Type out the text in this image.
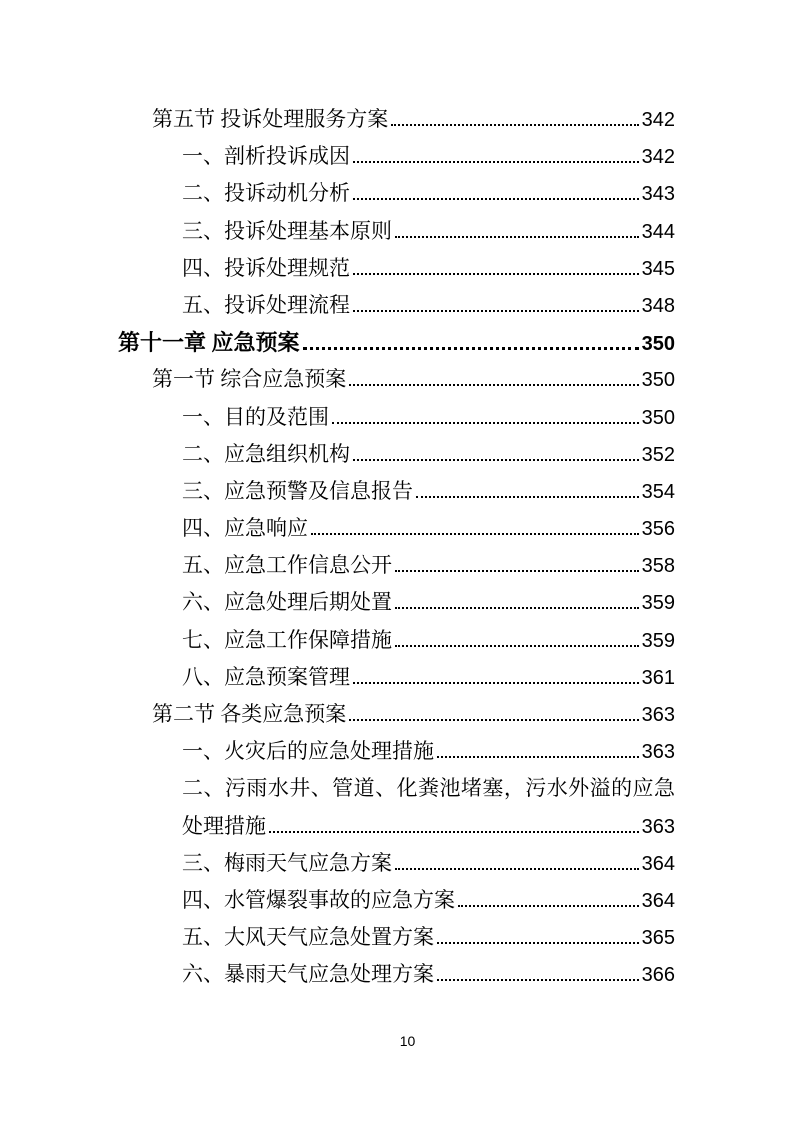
第五节 投诉处理服务方案	342
一、剖析投诉成因	342
二、投诉动机分析	343
三、投诉处理基本原则	344
四、投诉处理规范	345
五、投诉处理流程	348
第十一章 应急预案	350
第一节 综合应急预案	350
一、目的及范围	350
二、应急组织机构	352
三、应急预警及信息报告	354
四、应急响应	356
五、应急工作信息公开	358
六、应急处理后期处置	359
七、应急工作保障措施	359
八、应急预案管理	361
第二节 各类应急预案	363
一、火灾后的应急处理措施	363
二、污雨水井、管道、化粪池堵塞，污水外溢的应急
处理措施	363
三、梅雨天气应急方案	364
四、水管爆裂事故的应急方案	364
五、大风天气应急处置方案	365
六、暴雨天气应急处理方案	366
10
